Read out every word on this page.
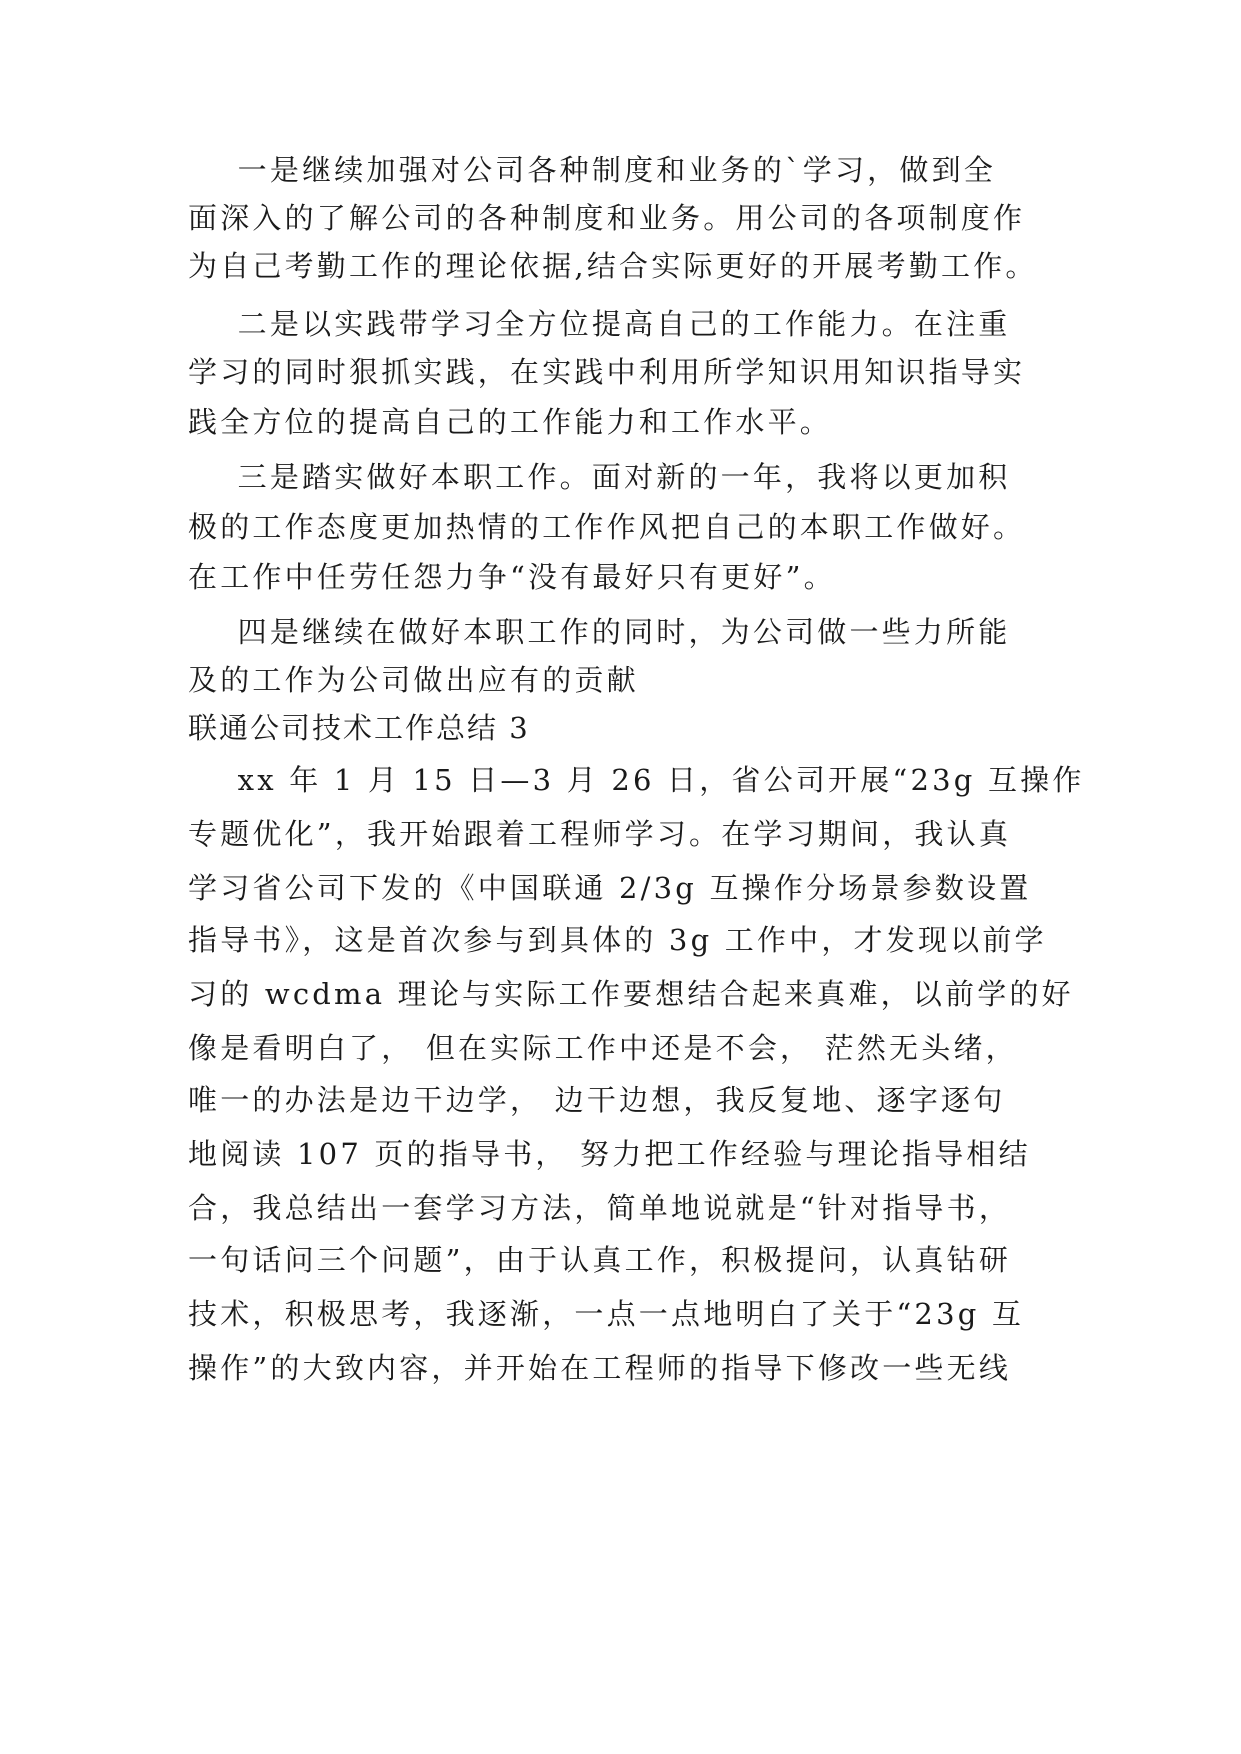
一是继续加强对公司各种制度和业务的`学习，做到全
面深入的了解公司的各种制度和业务。用公司的各项制度作
为自己考勤工作的理论依据,结合实际更好的开展考勤工作。
二是以实践带学习全方位提高自己的工作能力。在注重
学习的同时狠抓实践，在实践中利用所学知识用知识指导实
践全方位的提高自己的工作能力和工作水平。
三是踏实做好本职工作。面对新的一年，我将以更加积
极的工作态度更加热情的工作作风把自己的本职工作做好。
在工作中任劳任怨力争“没有最好只有更好”。
四是继续在做好本职工作的同时，为公司做一些力所能
及的工作为公司做出应有的贡献
联通公司技术工作总结 3
xx 年 1 月 15 日—3 月 26 日，省公司开展“23g 互操作
专题优化”，我开始跟着工程师学习。在学习期间，我认真
学习省公司下发的《中国联通 2/3g 互操作分场景参数设置
指导书》，这是首次参与到具体的 3g 工作中，才发现以前学
习的 wcdma 理论与实际工作要想结合起来真难，以前学的好
像是看明白了， 但在实际工作中还是不会， 茫然无头绪，
唯一的办法是边干边学， 边干边想，我反复地、逐字逐句
地阅读 107 页的指导书， 努力把工作经验与理论指导相结
合，我总结出一套学习方法，简单地说就是“针对指导书，
一句话问三个问题”，由于认真工作，积极提问，认真钻研
技术，积极思考，我逐渐，一点一点地明白了关于“23g 互
操作”的大致内容，并开始在工程师的指导下修改一些无线
